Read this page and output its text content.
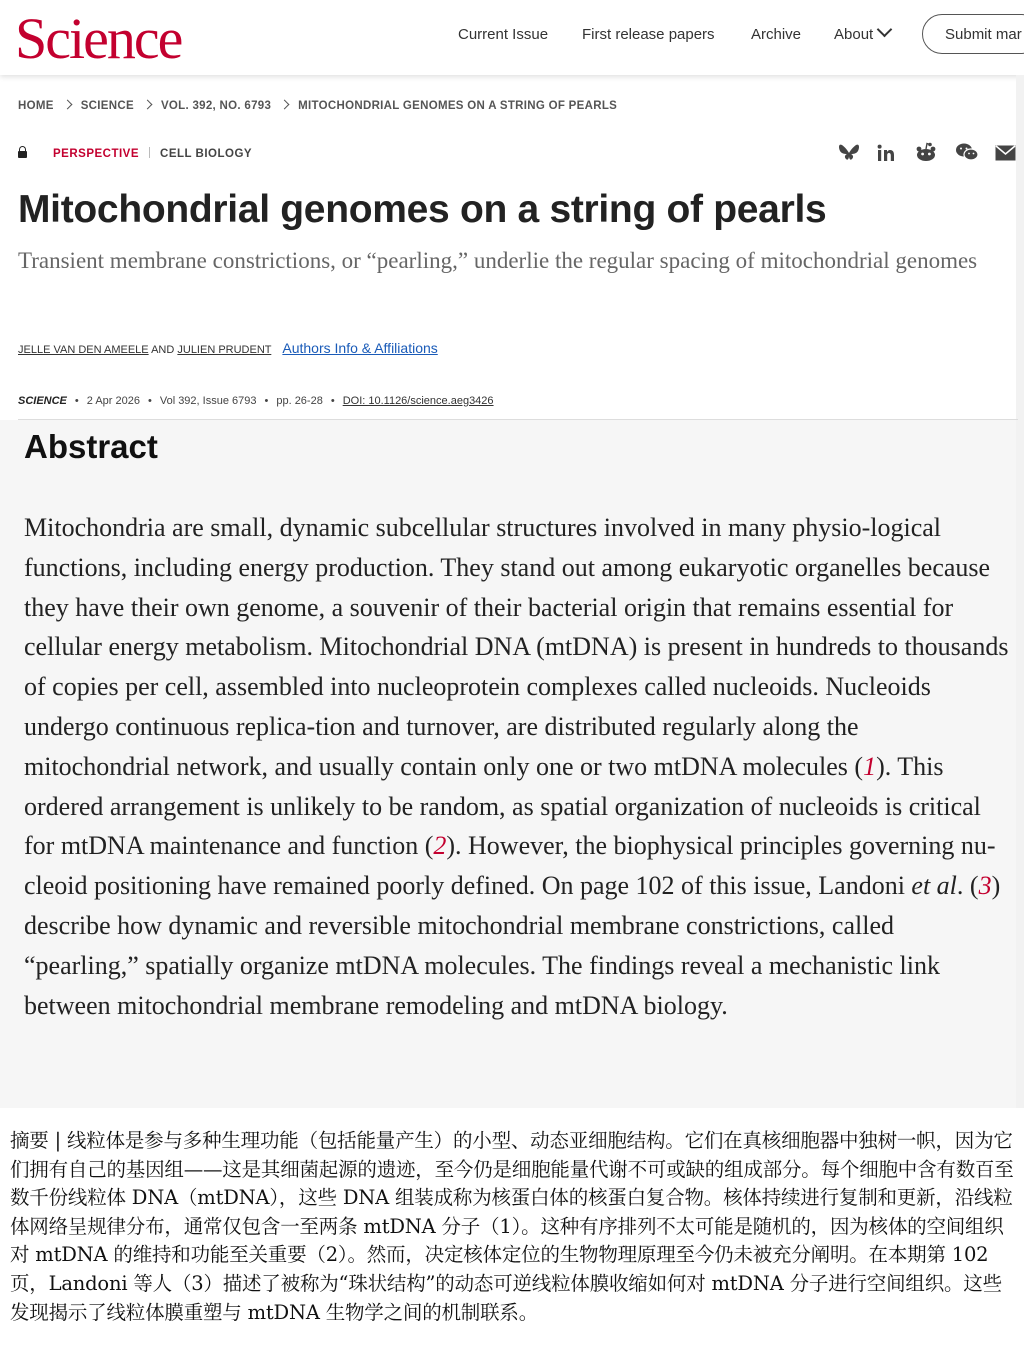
Science	Current Issue First release papers Archive About	Submit mar
HOME SCIENCE VOL. 392, NO. 6793 MITOCHONDRIAL GENOMES ON A STRING OF PEARLS
PERSPECTIVE CELL BIOLOGY
Mitochondrial genomes on a string of pearls
Transient membrane constrictions, or “pearling,” underlie the regular spacing of mitochondrial genomes
JELLE VAN DEN AMEELE AND JULIEN PRUDENT Authors Info & Affiliations
SCIENCE • 2 Apr 2026 • Vol 392, Issue 6793 • pp. 26-28 • DOI: 10.1126/science.aeg3426
Abstract
Mitochondria are small, dynamic subcellular structures involved in many physio-logical functions, including energy production. They stand out among eukaryotic organelles because they have their own genome, a souvenir of their bacterial origin that remains essential for cellular energy metabolism. Mitochondrial DNA (mtDNA) is present in hundreds to thousands of copies per cell, assembled into nucleoprotein complexes called nucleoids. Nucleoids undergo continuous replica-tion and turnover, are distributed regularly along the mitochondrial network, and usually contain only one or two mtDNA molecules (1). This ordered arrangement is unlikely to be random, as spatial organization of nucleoids is critical for mtDNA maintenance and function (2). However, the biophysical principles governing nu-cleoid positioning have remained poorly defined. On page 102 of this issue, Landoni et al. (3) describe how dynamic and reversible mitochondrial membrane constrictions, called “pearling,” spatially organize mtDNA molecules. The findings reveal a mechanistic link between mitochondrial membrane remodeling and mtDNA biology.
摘要 | 线粒体是参与多种生理功能（包括能量产生）的小型、动态亚细胞结构。它们在真核细胞器中独树一帜，因为它们拥有自己的基因组——这是其细菌起源的遗迹，至今仍是细胞能量代谢不可或缺的组成部分。每个细胞中含有数百至数千份线粒体 DNA（mtDNA），这些 DNA 组装成称为核蛋白体的核蛋白复合物。核体持续进行复制和更新，沿线粒体网络呈规律分布，通常仅包含一至两条 mtDNA 分子（1）。这种有序排列不太可能是随机的，因为核体的空间组织对 mtDNA 的维持和功能至关重要（2）。然而，决定核体定位的生物物理原理至今仍未被充分阐明。在本期第 102 页，Landoni 等人（3）描述了被称为“珠状结构”的动态可逆线粒体膜收缩如何对 mtDNA 分子进行空间组织。这些发现揭示了线粒体膜重塑与 mtDNA 生物学之间的机制联系。
